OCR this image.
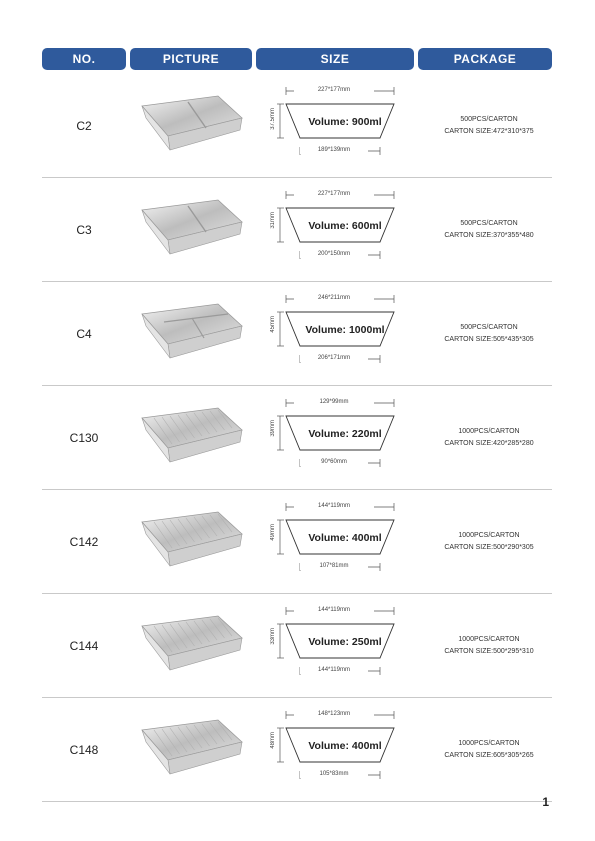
NO.	PICTURE	SIZE	PACKAGE
C2
227*177mm
37.5mm	Volume: 900ml
189*139mm
500PCS/CARTON
CARTON SIZE:472*310*375
C3
227*177mm
31mm	Volume: 600ml
200*150mm
500PCS/CARTON
CARTON SIZE:370*355*480
C4
246*211mm
45mm	Volume: 1000ml
206*171mm
500PCS/CARTON
CARTON SIZE:505*435*305
C130
129*99mm
39mm	Volume: 220ml
90*60mm
1000PCS/CARTON
CARTON SIZE:420*285*280
C142
144*119mm
49mm	Volume: 400ml
107*81mm
1000PCS/CARTON
CARTON SIZE:500*290*305
C144
144*119mm
33mm	Volume: 250ml
144*119mm
1000PCS/CARTON
CARTON SIZE:500*295*310
C148
148*123mm
48mm	Volume: 400ml
105*83mm
1000PCS/CARTON
CARTON SIZE:605*305*265
1
